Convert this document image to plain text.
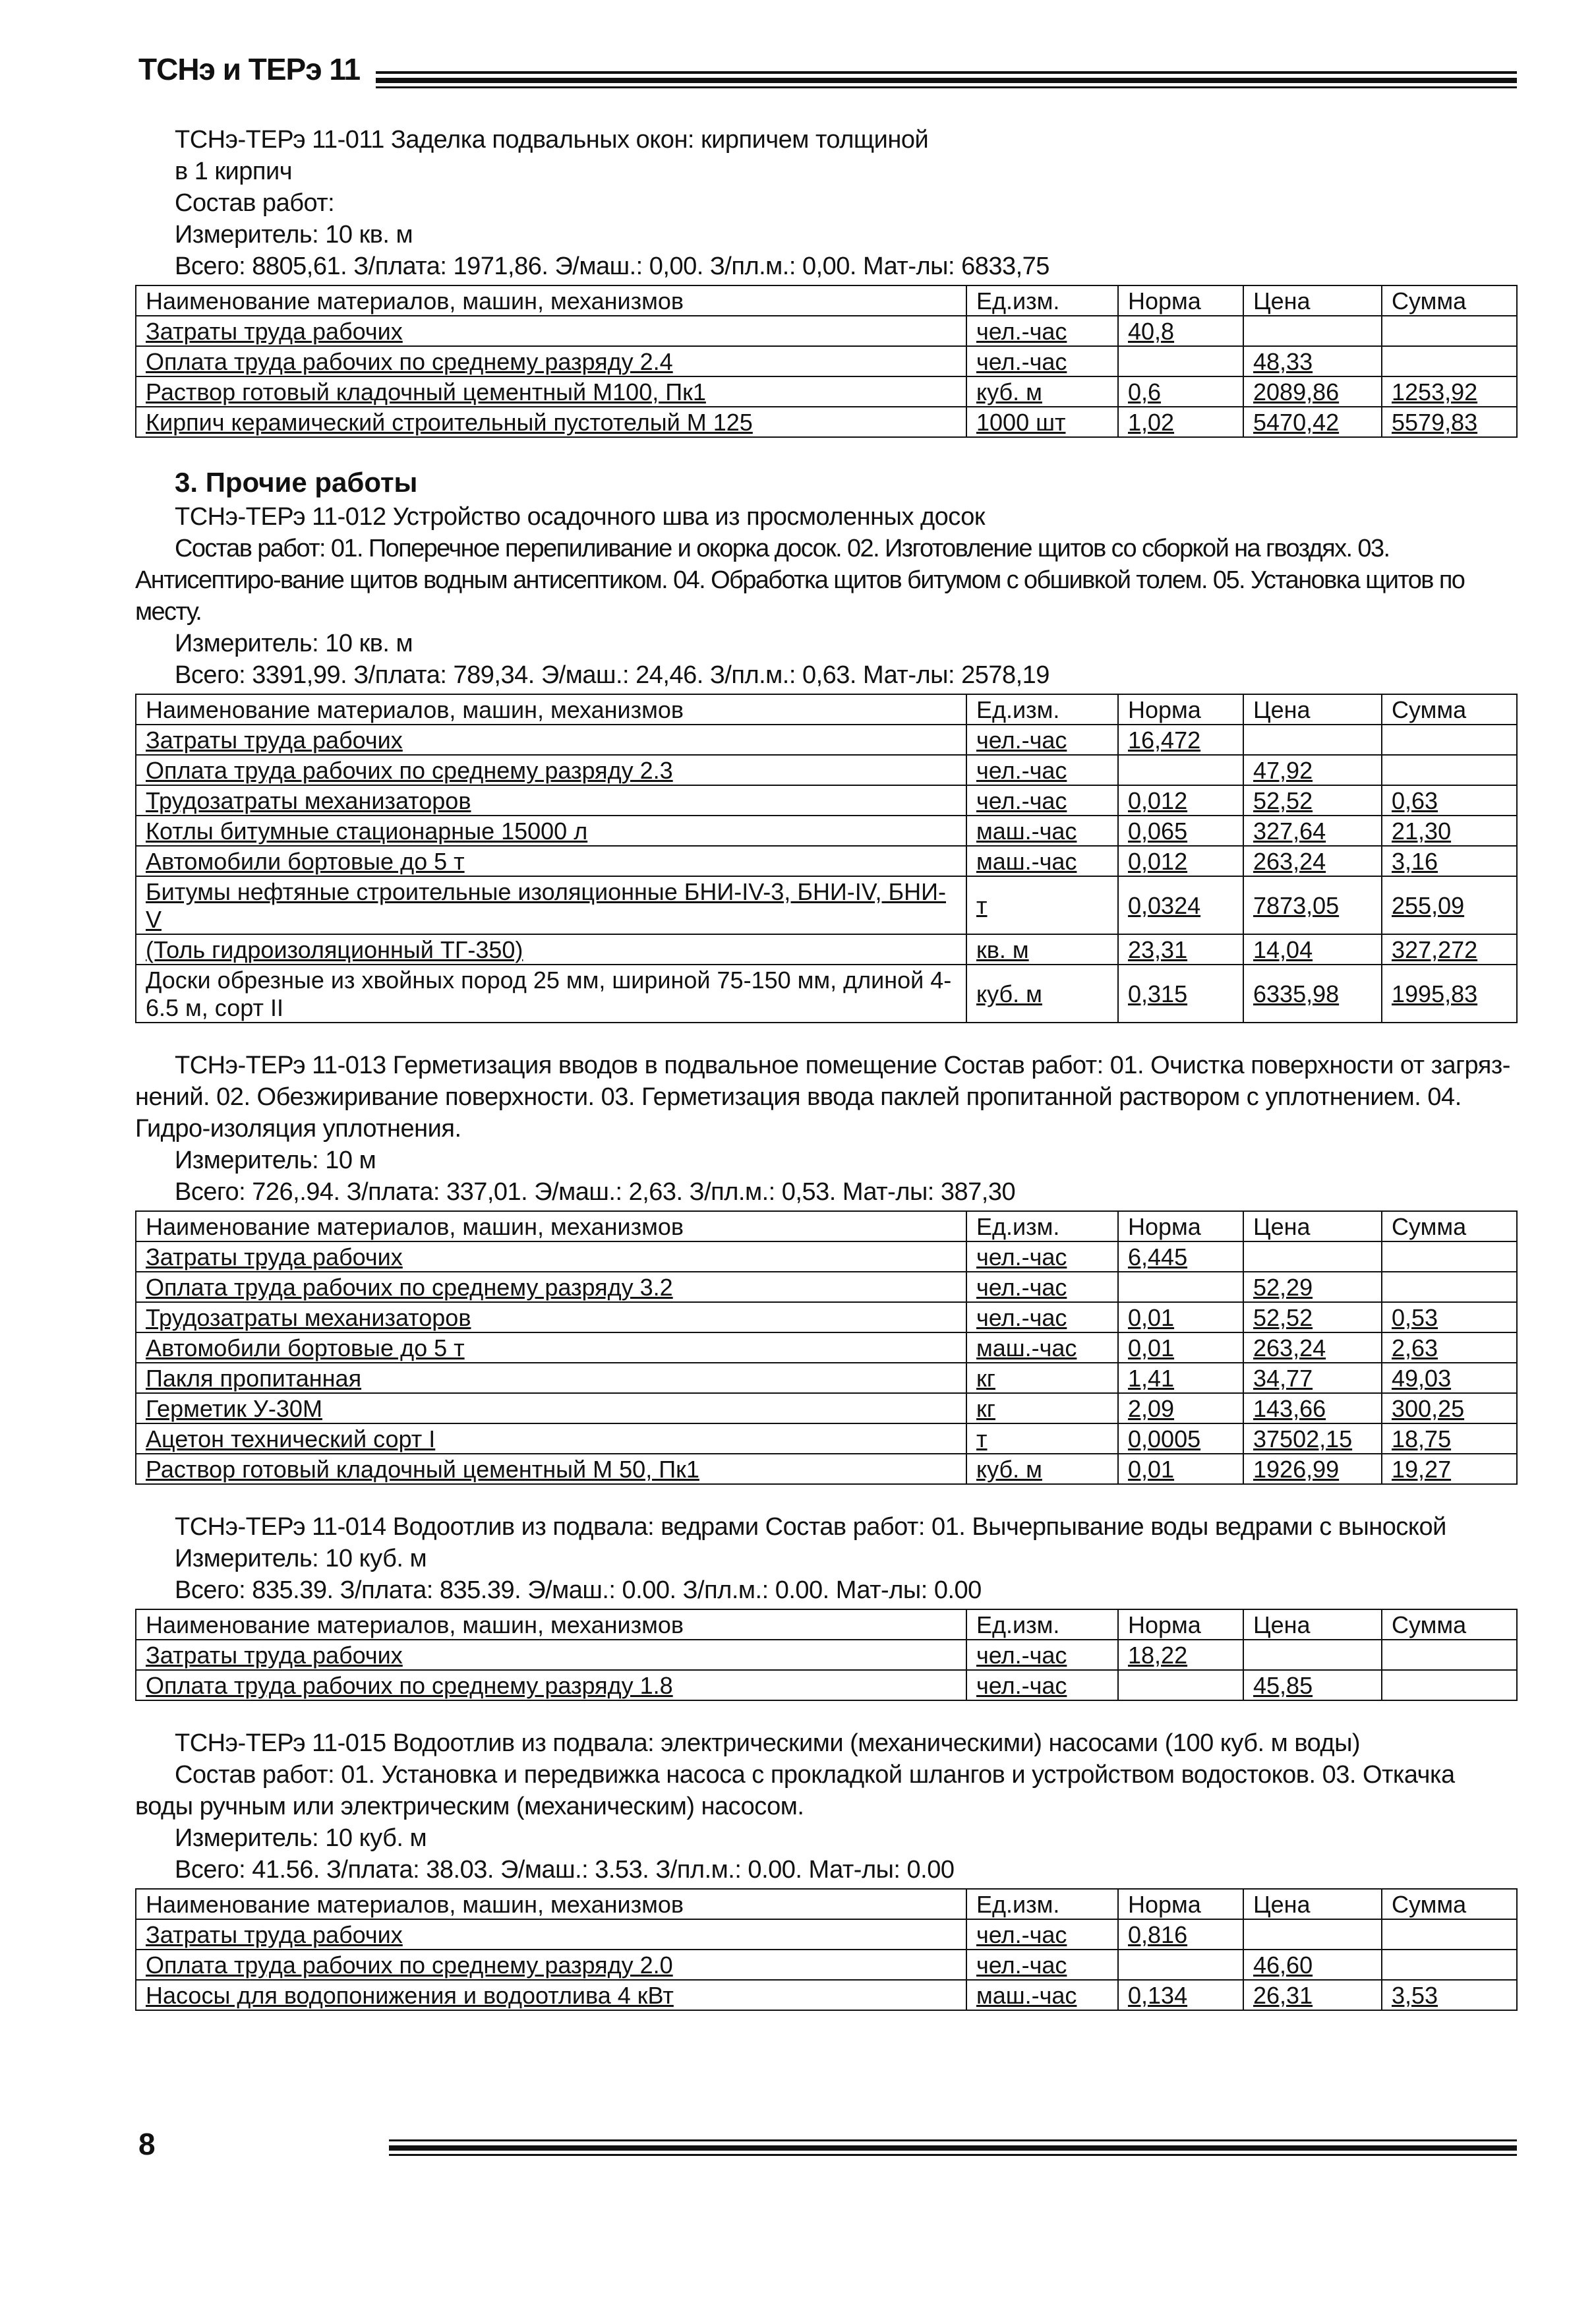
ТСНэ и ТЕРэ 11
ТСНэ-ТЕРэ 11-011 Заделка подвальных окон: кирпичем толщиной
в 1 кирпич
Состав работ:
Измеритель: 10 кв. м
Всего: 8805,61. З/плата: 1971,86. Э/маш.: 0,00. З/пл.м.: 0,00. Мат-лы: 6833,75
Наименование материалов, машин, механизмов	Ед.изм.	Норма	Цена	Сумма
Затраты труда рабочих	чел.-час	40,8		
Оплата труда рабочих по среднему разряду 2.4	чел.-час		48,33	
Раствор готовый кладочный цементный М100, Пк1	куб. м	0,6	2089,86	1253,92
Кирпич керамический строительный пустотелый М 125	1000 шт	1,02	5470,42	5579,83
3. Прочие работы
ТСНэ-ТЕРэ 11-012 Устройство осадочного шва из просмоленных досок
Состав работ: 01. Поперечное перепиливание и окорка досок. 02. Изготовление щитов со сборкой на гвоздях. 03. Антисептиро-вание щитов водным антисептиком. 04. Обработка щитов битумом с обшивкой толем. 05. Установка щитов по месту.
Измеритель: 10 кв. м
Всего: 3391,99. З/плата: 789,34. Э/маш.: 24,46. З/пл.м.: 0,63. Мат-лы: 2578,19
Наименование материалов, машин, механизмов	Ед.изм.	Норма	Цена	Сумма
Затраты труда рабочих	чел.-час	16,472		
Оплата труда рабочих по среднему разряду 2.3	чел.-час		47,92	
Трудозатраты механизаторов	чел.-час	0,012	52,52	0,63
Котлы битумные стационарные 15000 л	маш.-час	0,065	327,64	21,30
Автомобили бортовые до 5 т	маш.-час	0,012	263,24	3,16
Битумы нефтяные строительные изоляционные БНИ-IV-3, БНИ-IV, БНИ-V	т	0,0324	7873,05	255,09
(Толь гидроизоляционный ТГ-350)	кв. м	23,31	14,04	327,272
Доски обрезные из хвойных пород 25 мм, шириной 75-150 мм, длиной 4-6.5 м, сорт II	куб. м	0,315	6335,98	1995,83
ТСНэ-ТЕРэ 11-013 Герметизация вводов в подвальное помещение Состав работ: 01. Очистка поверхности от загряз-нений. 02. Обезжиривание поверхности. 03. Герметизация ввода паклей пропитанной раствором с уплотнением. 04. Гидро-изоляция уплотнения.
Измеритель: 10 м
Всего: 726,.94. З/плата: 337,01. Э/маш.: 2,63. З/пл.м.: 0,53. Мат-лы: 387,30
Наименование материалов, машин, механизмов	Ед.изм.	Норма	Цена	Сумма
Затраты труда рабочих	чел.-час	6,445		
Оплата труда рабочих по среднему разряду 3.2	чел.-час		52,29	
Трудозатраты механизаторов	чел.-час	0,01	52,52	0,53
Автомобили бортовые до 5 т	маш.-час	0,01	263,24	2,63
Пакля пропитанная	кг	1,41	34,77	49,03
Герметик У-30М	кг	2,09	143,66	300,25
Ацетон технический сорт I	т	0,0005	37502,15	18,75
Раствор готовый кладочный цементный М 50, Пк1	куб. м	0,01	1926,99	19,27
ТСНэ-ТЕРэ 11-014 Водоотлив из подвала: ведрами Состав работ: 01. Вычерпывание воды ведрами с выноской
Измеритель: 10 куб. м
Всего: 835.39. З/плата: 835.39. Э/маш.: 0.00. З/пл.м.: 0.00. Мат-лы: 0.00
Наименование материалов, машин, механизмов	Ед.изм.	Норма	Цена	Сумма
Затраты труда рабочих	чел.-час	18,22		
Оплата труда рабочих по среднему разряду 1.8	чел.-час		45,85	
ТСНэ-ТЕРэ 11-015 Водоотлив из подвала: электрическими (механическими) насосами (100 куб. м воды)
Состав работ: 01. Установка и передвижка насоса с прокладкой шлангов и устройством водостоков. 03. Откачка воды ручным или электрическим (механическим) насосом.
Измеритель: 10 куб. м
Всего: 41.56. З/плата: 38.03. Э/маш.: 3.53. З/пл.м.: 0.00. Мат-лы: 0.00
Наименование материалов, машин, механизмов	Ед.изм.	Норма	Цена	Сумма
Затраты труда рабочих	чел.-час	0,816		
Оплата труда рабочих по среднему разряду 2.0	чел.-час		46,60	
Насосы для водопонижения и водоотлива 4 кВт	маш.-час	0,134	26,31	3,53
8
